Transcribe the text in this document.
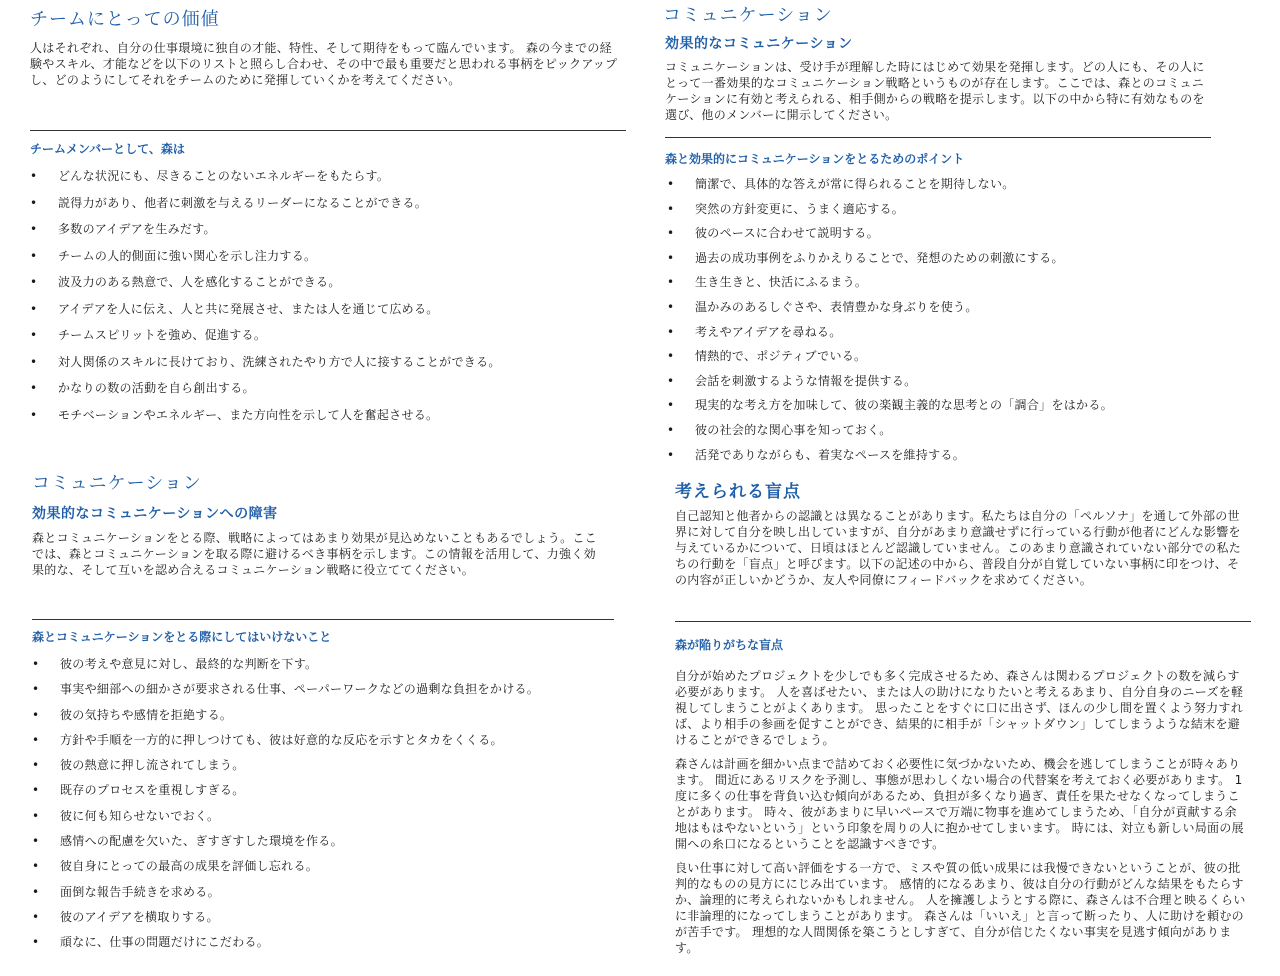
チームにとっての価値

人はそれぞれ、自分の仕事環境に独自の才能、特性、そして期待をもって臨んでいます。 森の今までの経験やスキル、才能などを以下のリストと照らし合わせ、その中で最も重要だと思われる事柄をピックアップし、どのようにしてそれをチームのために発揮していくかを考えてください。

チームメンバーとして、森は
• どんな状況にも、尽きることのないエネルギーをもたらす。
• 説得力があり、他者に刺激を与えるリーダーになることができる。
• 多数のアイデアを生みだす。
• チームの人的側面に強い関心を示し注力する。
• 波及力のある熱意で、人を感化することができる。
• アイデアを人に伝え、人と共に発展させ、または人を通じて広める。
• チームスピリットを強め、促進する。
• 対人関係のスキルに長けており、洗練されたやり方で人に接することができる。
• かなりの数の活動を自ら創出する。
• モチベーションやエネルギー、また方向性を示して人を奮起させる。
コミュニケーション
効果的なコミュニケーションへの障害

森とコミュニケーションをとる際、戦略によってはあまり効果が見込めないこともあるでしょう。ここでは、森とコミュニケーションを取る際に避けるべき事柄を示します。この情報を活用して、力強く効果的な、そして互いを認め合えるコミュニケーション戦略に役立ててください。

森とコミュニケーションをとる際にしてはいけないこと
• 彼の考えや意見に対し、最終的な判断を下す。
• 事実や細部への細かさが要求される仕事、ペーパーワークなどの過剰な負担をかける。
• 彼の気持ちや感情を拒絶する。
• 方針や手順を一方的に押しつけても、彼は好意的な反応を示すとタカをくくる。
• 彼の熱意に押し流されてしまう。
• 既存のプロセスを重視しすぎる。
• 彼に何も知らせないでおく。
• 感情への配慮を欠いた、ぎすぎすした環境を作る。
• 彼自身にとっての最高の成果を評価し忘れる。
• 面倒な報告手続きを求める。
• 彼のアイデアを横取りする。
• 頑なに、仕事の問題だけにこだわる。
コミュニケーション
効果的なコミュニケーション

コミュニケーションは、受け手が理解した時にはじめて効果を発揮します。どの人にも、その人にとって一番効果的なコミュニケーション戦略というものが存在します。ここでは、森とのコミュニケーションに有効と考えられる、相手側からの戦略を提示します。以下の中から特に有効なものを選び、他のメンバーに開示してください。

森と効果的にコミュニケーションをとるためのポイント
• 簡潔で、具体的な答えが常に得られることを期待しない。
• 突然の方針変更に、うまく適応する。
• 彼のペースに合わせて説明する。
• 過去の成功事例をふりかえりることで、発想のための刺激にする。
• 生き生きと、快活にふるまう。
• 温かみのあるしぐさや、表情豊かな身ぶりを使う。
• 考えやアイデアを尋ねる。
• 情熱的で、ポジティブでいる。
• 会話を刺激するような情報を提供する。
• 現実的な考え方を加味して、彼の楽観主義的な思考との「調合」をはかる。
• 彼の社会的な関心事を知っておく。
• 活発でありながらも、着実なペースを維持する。
考えられる盲点

自己認知と他者からの認識とは異なることがあります。私たちは自分の「ペルソナ」を通して外部の世界に対して自分を映し出していますが、自分があまり意識せずに行っている行動が他者にどんな影響を与えているかについて、日頃はほとんど認識していません。このあまり意識されていない部分での私たちの行動を「盲点」と呼びます。以下の記述の中から、普段自分が自覚していない事柄に印をつけ、その内容が正しいかどうか、友人や同僚にフィードバックを求めてください。

森が陥りがちな盲点

自分が始めたプロジェクトを少しでも多く完成させるため、森さんは関わるプロジェクトの数を減らす必要があります。 人を喜ばせたい、または人の助けになりたいと考えるあまり、自分自身のニーズを軽視してしまうことがよくあります。 思ったことをすぐに口に出さず、ほんの少し間を置くよう努力すれば、より相手の参画を促すことができ、結果的に相手が「シャットダウン」してしまうような結末を避けることができるでしょう。

森さんは計画を細かい点まで詰めておく必要性に気づかないため、機会を逃してしまうことが時々あります。 間近にあるリスクを予測し、事態が思わしくない場合の代替案を考えておく必要があります。 1度に多くの仕事を背負い込む傾向があるため、負担が多くなり過ぎ、責任を果たせなくなってしまうことがあります。 時々、彼があまりに早いペースで万端に物事を進めてしまうため、「自分が貢献する余地はもはやないという」という印象を周りの人に抱かせてしまいます。 時には、対立も新しい局面の展開への糸口になるということを認識すべきです。

良い仕事に対して高い評価をする一方で、ミスや質の低い成果には我慢できないということが、彼の批判的なものの見方ににじみ出ています。 感情的になるあまり、彼は自分の行動がどんな結果をもたらすか、論理的に考えられないかもしれません。 人を擁護しようとする際に、森さんは不合理と映るくらいに非論理的になってしまうことがあります。 森さんは「いいえ」と言って断ったり、人に助けを頼むのが苦手です。 理想的な人間関係を築こうとしすぎて、自分が信じたくない事実を見逃す傾向があります。
